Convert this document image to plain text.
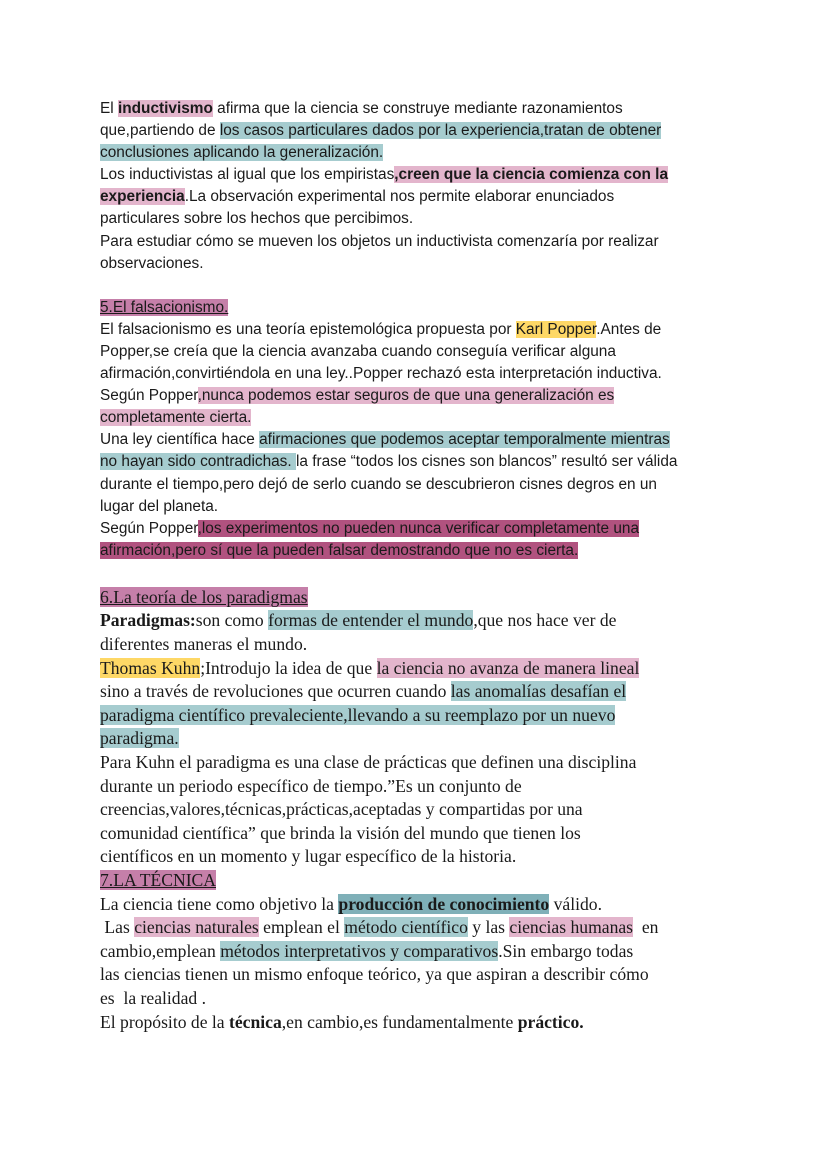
El inductivismo afirma que la ciencia se construye mediante razonamientos
que,partiendo de los casos particulares dados por la experiencia,tratan de obtener
conclusiones aplicando la generalización.
Los inductivistas al igual que los empiristas,creen que la ciencia comienza con la
experiencia.La observación experimental nos permite elaborar enunciados
particulares sobre los hechos que percibimos.
Para estudiar cómo se mueven los objetos un inductivista comenzaría por realizar
observaciones.
5.El falsacionismo.
El falsacionismo es una teoría epistemológica propuesta por Karl Popper.Antes de
Popper,se creía que la ciencia avanzaba cuando conseguía verificar alguna
afirmación,convirtiéndola en una ley..Popper rechazó esta interpretación inductiva.
Según Popper,nunca podemos estar seguros de que una generalización es
completamente cierta.
Una ley científica hace afirmaciones que podemos aceptar temporalmente mientras
no hayan sido contradichas. la frase “todos los cisnes son blancos” resultó ser válida
durante el tiempo,pero dejó de serlo cuando se descubrieron cisnes degros en un
lugar del planeta.
Según Popper,los experimentos no pueden nunca verificar completamente una
afirmación,pero sí que la pueden falsar demostrando que no es cierta.
6.La teoría de los paradigmas
Paradigmas:son como formas de entender el mundo,que nos hace ver de
diferentes maneras el mundo.
Thomas Kuhn;Introdujo la idea de que la ciencia no avanza de manera lineal
sino a través de revoluciones que ocurren cuando las anomalías desafían el
paradigma científico prevaleciente,llevando a su reemplazo por un nuevo
paradigma.
Para Kuhn el paradigma es una clase de prácticas que definen una disciplina
durante un periodo específico de tiempo.”Es un conjunto de
creencias,valores,técnicas,prácticas,aceptadas y compartidas por una
comunidad científica” que brinda la visión del mundo que tienen los
científicos en un momento y lugar específico de la historia.
7.LA TÉCNICA
La ciencia tiene como objetivo la producción de conocimiento válido.
Las ciencias naturales emplean el método científico y las ciencias humanas  en
cambio,emplean métodos interpretativos y comparativos.Sin embargo todas
las ciencias tienen un mismo enfoque teórico, ya que aspiran a describir cómo
es  la realidad .
El propósito de la técnica,en cambio,es fundamentalmente práctico.
